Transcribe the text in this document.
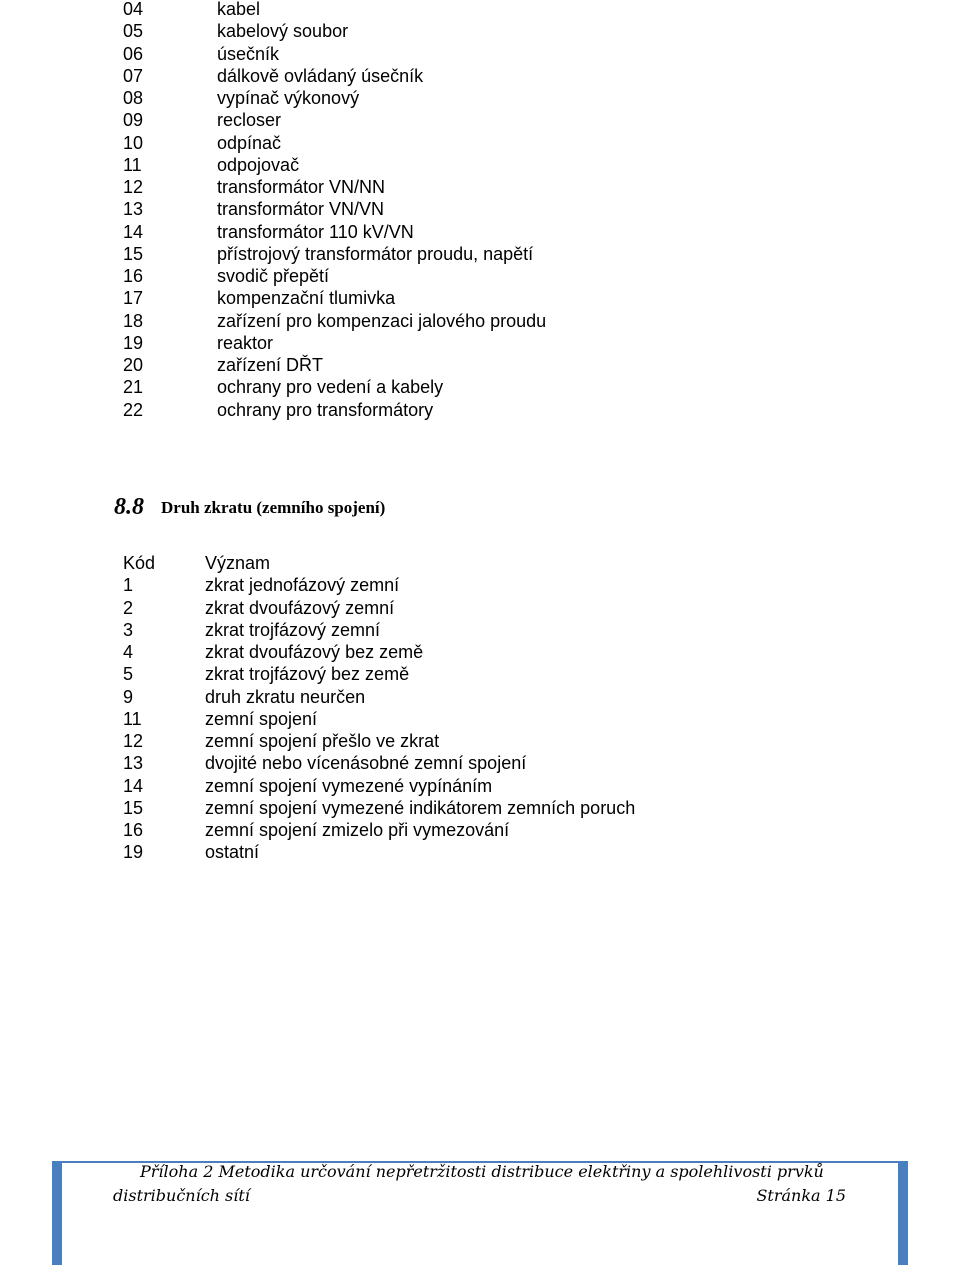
04	kabel
05	kabelový soubor
06	úsečník
07	dálkově ovládaný úsečník
08	vypínač výkonový
09	recloser
10	odpínač
11	odpojovač
12	transformátor VN/NN
13	transformátor VN/VN
14	transformátor 110 kV/VN
15	přístrojový transformátor proudu, napětí
16	svodič přepětí
17	kompenzační tlumivka
18	zařízení pro kompenzaci jalového proudu
19	reaktor
20	zařízení DŘT
21	ochrany pro vedení a kabely
22	ochrany pro transformátory
8.8 Druh zkratu (zemního spojení)
Kód	Význam
1	zkrat jednofázový zemní
2	zkrat dvoufázový zemní
3	zkrat trojfázový zemní
4	zkrat dvoufázový bez země
5	zkrat trojfázový bez země
9	druh zkratu neurčen
11	zemní spojení
12	zemní spojení přešlo ve zkrat
13	dvojité nebo vícenásobné zemní spojení
14	zemní spojení vymezené vypínáním
15	zemní spojení vymezené indikátorem zemních poruch
16	zemní spojení zmizelo při vymezování
19	ostatní
Příloha 2 Metodika určování nepřetržitosti distribuce elektřiny a spolehlivosti prvků
distribučních sítí	Stránka 15
